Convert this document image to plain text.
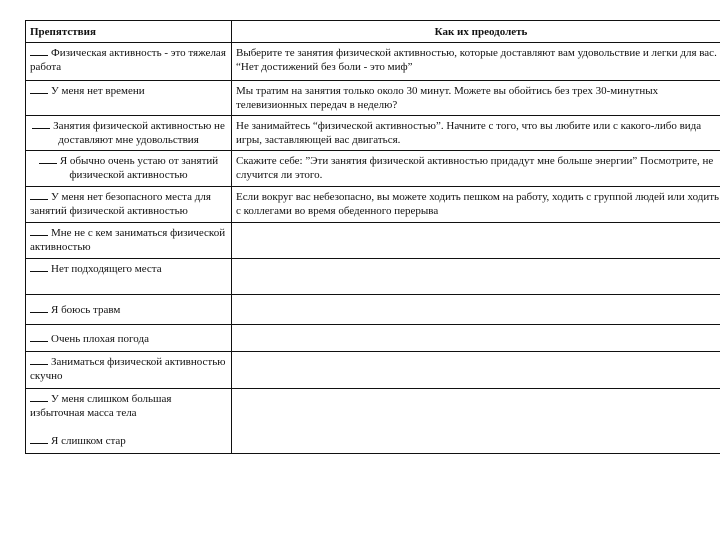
Препятствия	Как их преодолеть
Физическая активность - это тяжелая работа	Выберите те занятия физической активностью, которые доставляют вам удовольствие и легки для вас. “Нет достижений без боли - это миф”
У меня нет времени	Мы тратим на занятия только около 30 минут. Можете вы обойтись без трех 30-минутных телевизионных передач в неделю?
Занятия физической активностью не доставляют мне удовольствия	Не занимайтесь “физической активностью”. Начните с того, что вы любите или с какого-либо вида игры, заставляющей вас двигаться.
Я обычно очень устаю от занятий физической активностью	Скажите себе: ”Эти занятия физической активностью придадут мне больше энергии” Посмотрите, не случится ли этого.
У меня нет безопасного места для занятий физической активностью	Если вокруг вас небезопасно, вы можете ходить пешком на работу, ходить с группой людей или ходить с коллегами во время обеденного перерыва
Мне не с кем заниматься физической активностью	
Нет подходящего места	
Я боюсь травм	
Очень плохая погода	
Заниматься физической активностью скучно	
У меня слишком большая избыточная масса тела
Я слишком стар	
